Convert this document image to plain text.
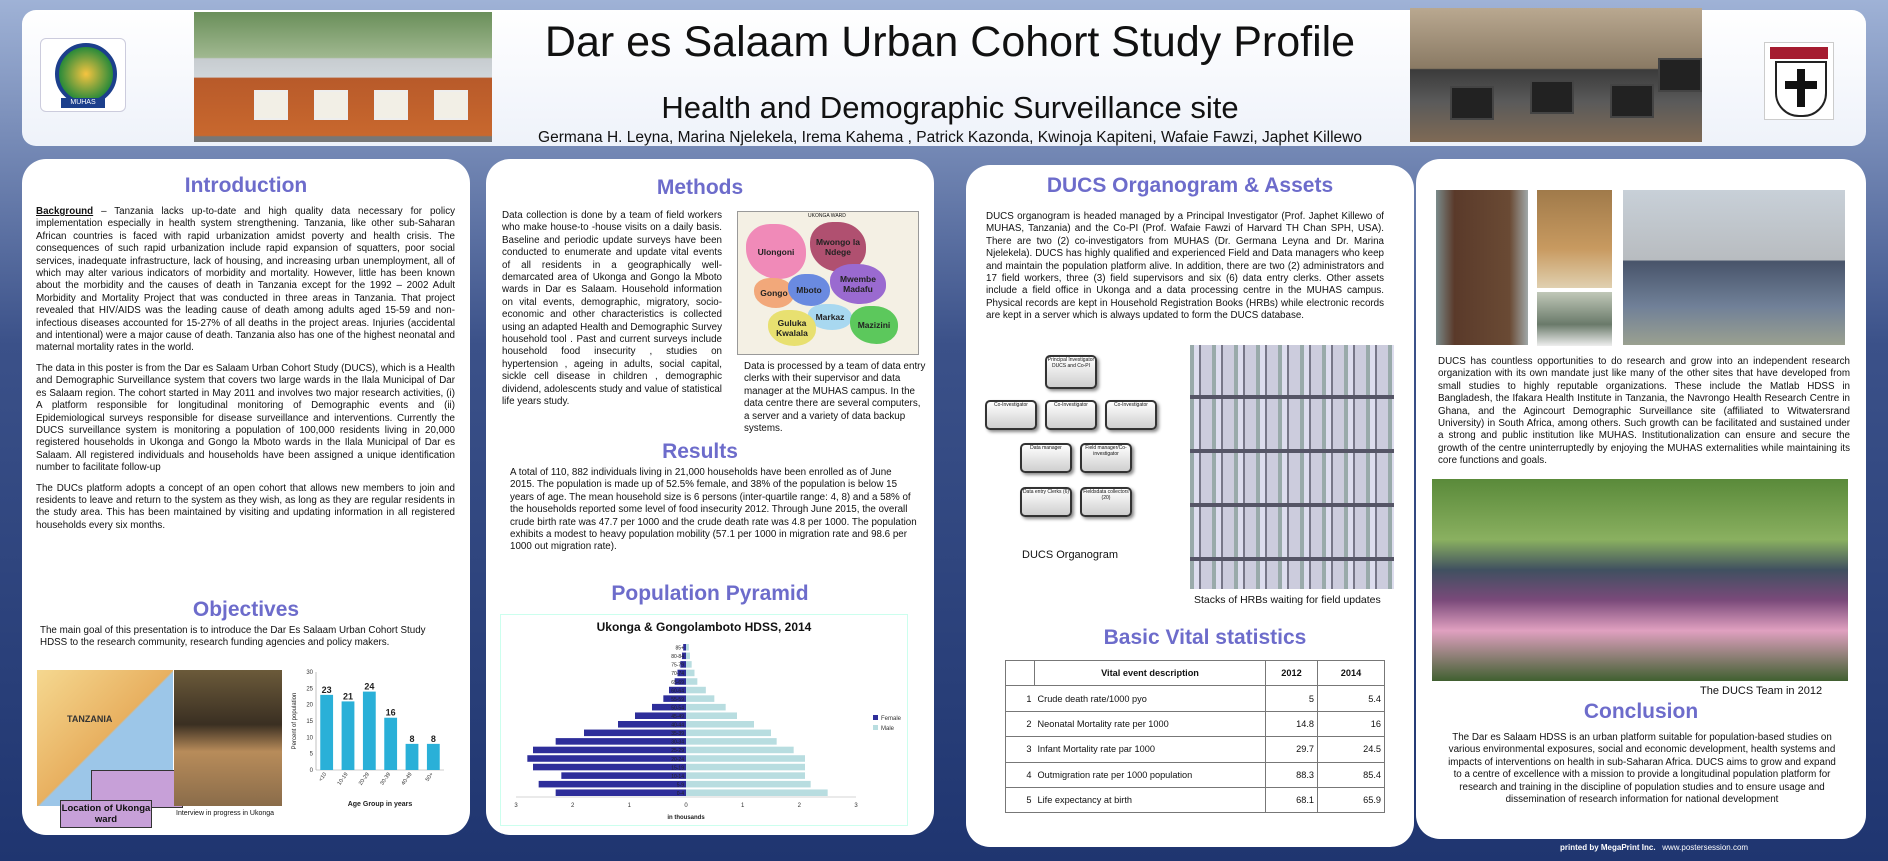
MUHAS
Dar es Salaam Urban Cohort Study Profile
Health and Demographic Surveillance site
Germana H. Leyna, Marina Njelekela, Irema Kahema , Patrick Kazonda, Kwinoja Kapiteni, Wafaie Fawzi, Japhet Killewo
Introduction

Background – Tanzania lacks up-to-date and high quality data necessary for policy implementation especially in health system strengthening. Tanzania, like other sub-Saharan African countries is faced with rapid urbanization amidst poverty and health crisis. The consequences of such rapid urbanization include rapid expansion of squatters, poor social services, inadequate infrastructure, lack of housing, and increasing urban unemployment, all of which may alter various indicators of morbidity and mortality. However, little has been known about the morbidity and the causes of death in Tanzania except for the 1992 – 2002 Adult Morbidity and Mortality Project that was conducted in three areas in Tanzania. That project revealed that HIV/AIDS was the leading cause of death among adults aged 15-59 and non-infectious diseases accounted for 15-27% of all deaths in the project areas. Injuries (accidental and intentional) were a major cause of death. Tanzania also has one of the highest neonatal and maternal mortality rates in the world.

The data in this poster is from the Dar es Salaam Urban Cohort Study (DUCS), which is a Health and Demographic Surveillance system that covers two large wards in the Ilala Municipal of Dar es Salaam region. The cohort started in May 2011 and involves two major research activities, (i) A platform responsible for longitudinal monitoring of Demographic events and (ii) Epidemiological surveys responsible for disease surveillance and interventions. Currently the DUCS surveillance system is monitoring a population of 100,000 residents living in 20,000 registered households in Ukonga and Gongo la Mboto wards in the Ilala Municipal of Dar es Salaam. All registered individuals and households have been assigned a unique identification number to facilitate follow-up

The DUCs platform adopts a concept of an open cohort that allows new members to join and residents to leave and return to the system as they wish, as long as they are regular residents in the study area. This has been maintained by visiting and updating information in all registered households every six months.

Objectives
The main goal of this presentation is to introduce the Dar Es Salaam Urban Cohort Study HDSS to the research community, research funding agencies and policy makers.
TANZANIA
Location of Ukonga ward
Interview in progress in Ukonga
0
5
10
15
20
25
30
23
<10
21
10-19
24
20-29
16
30-39
8
40-49
8
50+
Age Group in years
Percent of population
Methods
Data collection is done by a team of field workers who make house-to -house visits on a daily basis. Baseline and periodic update surveys have been conducted to enumerate and update vital events of all residents in a geographically well-demarcated area of Ukonga and Gongo la Mboto wards in Dar es Salaam. Household information on vital events, demographic, migratory, socio-economic and other characteristics is collected using an adapted Health and Demographic Survey household tool . Past and current surveys include household food insecurity , studies on hypertension , ageing in adults, social capital, sickle cell disease in children , demographic dividend, adolescents study and value of statistical life years study.
UKONGA WARD
Ulongoni
Mwongo la Ndege
Gongo	Mboto
Mwembe Madafu
Markaz
Guluka Kwalala
Mazizini
Data is processed by a team of data entry clerks with their supervisor and data manager at the MUHAS campus. In the data centre there are several computers, a server and a variety of data backup systems.
Results
A total of 110, 882 individuals living in 21,000 households have been enrolled as of June 2015. The population is made up of 52.5% female, and 38% of the population is below 15 years of age. The mean household size is 6 persons (inter-quartile range: 4, 8) and a 58% of the households reported some level of food insecurity 2012. Through June 2015, the overall crude birth rate was 47.7 per 1000 and the crude death rate was 4.8 per 1000. The population exhibits a modest to heavy population mobility (57.1 per 1000 in migration rate and 98.6 per 1000 out migration rate).
Population Pyramid
Ukonga & Gongolamboto HDSS, 2014
0-4
5-9
10-14
15-19
20-24
25-29
30-34
35-39
40-44
45-49
50-54
55-59
60-64
65-69
70-74
75-79
80-84
85+
3	2	1	0	1	2	3
in thousands
Female
Male
DUCS Organogram & Assets
DUCS organogram is headed managed by a Principal Investigator (Prof. Japhet Killewo of MUHAS, Tanzania) and the Co-PI (Prof. Wafaie Fawzi of Harvard TH Chan SPH, USA). There are two (2) co-investigators from MUHAS (Dr. Germana Leyna and Dr. Marina Njelekela). DUCS has highly qualified and experienced Field and Data managers who keep and maintain the population platform alive. In addition, there are two (2) administrators and 17 field workers, three (3) field supervisors and six (6) data entry clerks. Other assets include a field office in Ukonga and a data processing centre in the MUHAS campus. Physical records are kept in Household Registration Books (HRBs) while electronic records are kept in a server which is always updated to form the DUCS database.
Principal Investigator DUCS and Co-PI
Co-Investigator	Co-Investigator	Co-Investigator
Data manager	Field manager/Co-investigator
Data entry Clerks (6)	Fieldsdata collectors (20)
DUCS Organogram
Stacks of HRBs waiting for field updates
Basic Vital statistics
	Vital event description	2012	2014
1	Crude death rate/1000 pyo	5	5.4
2	Neonatal Mortality rate per 1000	14.8	16
3	Infant Mortality rate par 1000	29.7	24.5
4	Outmigration rate per 1000 population	88.3	85.4
5	Life expectancy at birth	68.1	65.9
DUCS has countless opportunities to do research and grow into an independent research organization with its own mandate just like many of the other sites that have developed from small studies to highly reputable organizations. These include the Matlab HDSS in Bangladesh, the Ifakara Health Institute in Tanzania, the Navrongo Health Research Centre in Ghana, and the Agincourt Demographic Surveillance site (affiliated to Witwatersrand University) in South Africa, among others. Such growth can be facilitated and sustained under a strong and public institution like MUHAS. Institutionalization can ensure and secure the growth of the centre uninterruptedly by enjoying the MUHAS externalities while maintaining its core functions and goals.
The DUCS Team in 2012
Conclusion
The Dar es Salaam HDSS is an urban platform suitable for population-based studies on various environmental exposures, social and economic development, health systems and impacts of interventions on health in sub-Saharan Africa. DUCS aims to grow and expand to a centre of excellence with a mission to provide a longitudinal population platform for research and training in the discipline of population studies and to ensure usage and dissemination of research information for national development
printed by MegaPrint Inc. www.postersession.com
